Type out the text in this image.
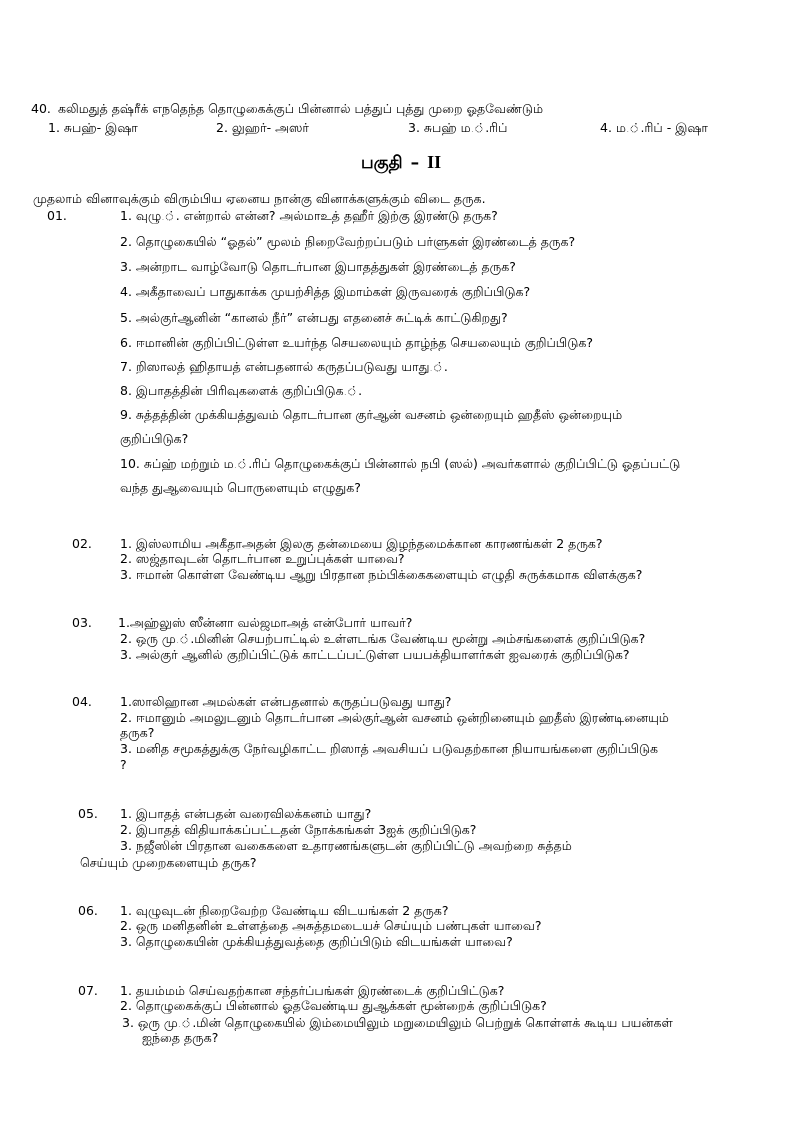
40. கலிமதுத் தஷ்ரீக் எநதெந்த தொழுகைக்குப் பின்னால் பத்துப் புத்து முறை ஓதவேண்டும்
1. சுபஹ்- இஷா	2. லுஹர்- அஸர்	3. சுபஹ் ம.்.ரிப்	4. ம.்.ரிப் - இஷா
பகுதி – II
முதலாம் வினாவுக்கும் விரும்பிய ஏனைய நான்கு வினாக்களுக்கும் விடை தருக.
01.	1. வுழு.். என்றால் என்ன? அல்மாஉத் தஹீர் இற்கு இரண்டு தருக?
2. தொழுகையில் “ஓதல்” மூலம் நிறைவேற்றப்படும் பர்ளுகள் இரண்டைத் தருக?
3. அன்றாட வாழ்வோடு தொடர்பான இபாதத்துகள் இரண்டைத் தருக?
4. அகீதாவைப் பாதுகாக்க முயற்சித்த இமாம்கள் இருவரைக் குறிப்பிடுக?
5. அல்குர்ஆனின் “கானல் நீர்” என்பது எதனைச் சுட்டிக் காட்டுகிறது?
6. ஈமானின் குறிப்பிட்டுள்ள உயர்ந்த செயலையும் தாழ்ந்த செயலையும் குறிப்பிடுக?
7. றிஸாலத் ஹிதாயத் என்பதனால் கருதப்படுவது யாது.்.
8. இபாதத்தின் பிரிவுகளைக் குறிப்பிடுக.்.
9. சுத்தத்தின் முக்கியத்துவம் தொடர்பான குர்ஆன் வசனம் ஒன்றையும் ஹதீஸ் ஒன்றையும்
குறிப்பிடுக?
10. சுப்ஹ் மற்றும் ம.்.ரிப் தொழுகைக்குப் பின்னால் நபி (ஸல்) அவர்களால் குறிப்பிட்டு ஓதப்பட்டு
வந்த துஆவையும் பொருளையும் எழுதுக?
02. 1. இஸ்லாமிய அகீதாஅதன் இலகு தன்மையை இழந்தமைக்கான காரணங்கள் 2 தருக?
2. ஸஜ்தாவுடன் தொடர்பான உறுப்புக்கள் யாவை?
3. ஈமான் கொள்ள வேண்டிய ஆறு பிரதான நம்பிக்கைகளையும் எழுதி சுருக்கமாக விளக்குக?
03. 1.அஹ்லுஸ் ஸீன்னா வல்ஜமாஅத் என்போர் யாவர்?
2. ஒரு மு.்.மினின் செயற்பாட்டில் உள்ளடங்க வேண்டிய மூன்று அம்சங்களைக் குறிப்பிடுக?
3. அல்குர் ஆனில் குறிப்பிட்டுக் காட்டப்பட்டுள்ள பயபக்தியாளர்கள் ஐவரைக் குறிப்பிடுக?
04. 1.ஸாலிஹான அமல்கள் என்பதனால் கருதப்படுவது யாது?
2. ஈமானும் அமலுடனும் தொடர்பான அல்குர்ஆன் வசனம் ஒன்றினையும் ஹதீஸ் இரண்டினையும்
தருக?
3. மனித சமூகத்துக்கு நேர்வழிகாட்ட றிஸாத் அவசியப் படுவதற்கான நியாயங்களை குறிப்பிடுக
?
05. 1. இபாதத் என்பதன் வரைவிலக்கனம் யாது?
2. இபாதத் விதியாக்கப்பட்டதன் நோக்கங்கள் 3ஐக் குறிப்பிடுக?
3. நஜீஸின் பிரதான வகைகளை உதாரணங்களுடன் குறிப்பிட்டு அவற்றை சுத்தம்
செய்யும் முறைகளையும் தருக?
06. 1. வுழுவுடன் நிறைவேற்ற வேண்டிய விடயங்கள் 2 தருக?
2. ஒரு மனிதனின் உள்ளத்தை அசுத்தமடையச் செய்யும் பண்புகள் யாவை?
3. தொழுகையின் முக்கியத்துவத்தை குறிப்பிடும் விடயங்கள் யாவை?
07. 1. தயம்மம் செய்வதற்கான சந்தர்ப்பங்கள் இரண்டைக் குறிப்பிட்டுக?
2. தொழுகைக்குப் பின்னால் ஓதவேண்டிய துஆக்கள் மூன்றைக் குறிப்பிடுக?
3. ஒரு மு.்.மின் தொழுகையில் இம்மையிலும் மறுமையிலும் பெற்றுக் கொள்ளக் கூடிய பயன்கள்
ஐந்தை தருக?
